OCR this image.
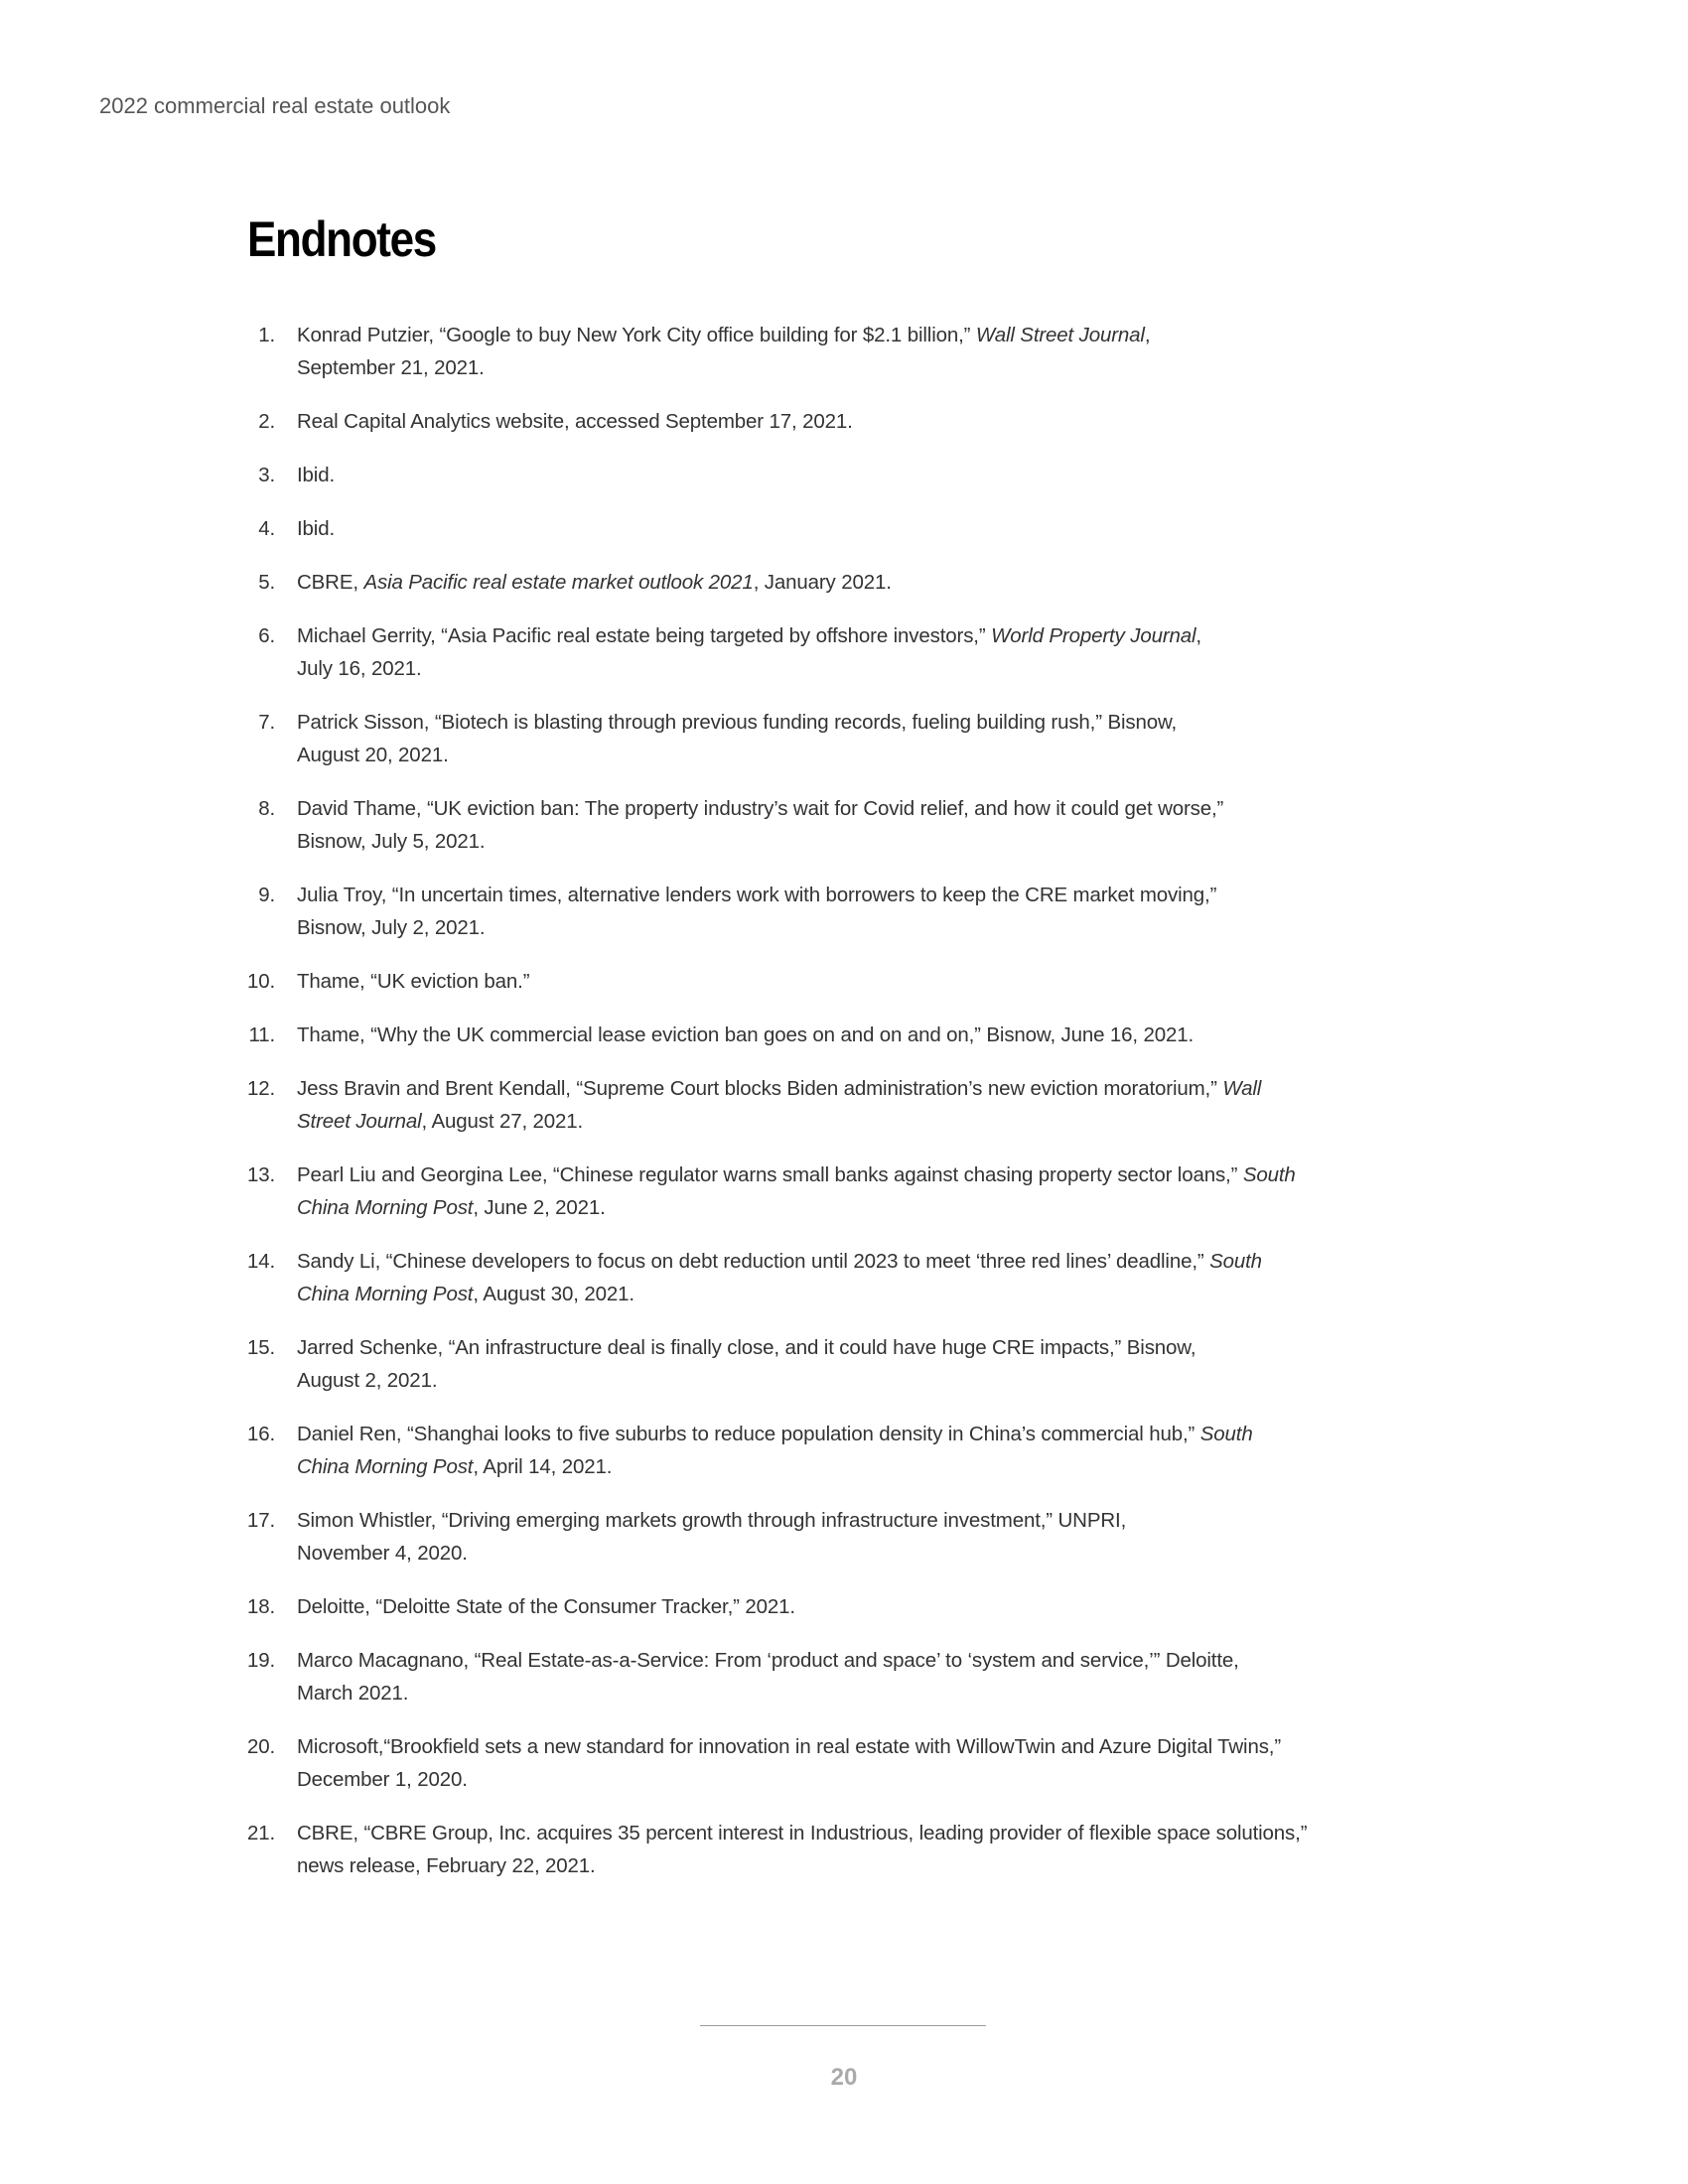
2022 commercial real estate outlook
Endnotes
1. Konrad Putzier, “Google to buy New York City office building for $2.1 billion,” Wall Street Journal,
September 21, 2021.
2. Real Capital Analytics website, accessed September 17, 2021.
3. Ibid.
4. Ibid.
5. CBRE, Asia Pacific real estate market outlook 2021, January 2021.
6. Michael Gerrity, “Asia Pacific real estate being targeted by offshore investors,” World Property Journal,
July 16, 2021.
7. Patrick Sisson, “Biotech is blasting through previous funding records, fueling building rush,” Bisnow,
August 20, 2021.
8. David Thame, “UK eviction ban: The property industry’s wait for Covid relief, and how it could get worse,”
Bisnow, July 5, 2021.
9. Julia Troy, “In uncertain times, alternative lenders work with borrowers to keep the CRE market moving,”
Bisnow, July 2, 2021.
10. Thame, “UK eviction ban.”
11. Thame, “Why the UK commercial lease eviction ban goes on and on and on,” Bisnow, June 16, 2021.
12. Jess Bravin and Brent Kendall, “Supreme Court blocks Biden administration’s new eviction moratorium,” Wall
Street Journal, August 27, 2021.
13. Pearl Liu and Georgina Lee, “Chinese regulator warns small banks against chasing property sector loans,” South
China Morning Post, June 2, 2021.
14. Sandy Li, “Chinese developers to focus on debt reduction until 2023 to meet ‘three red lines’ deadline,” South
China Morning Post, August 30, 2021.
15. Jarred Schenke, “An infrastructure deal is finally close, and it could have huge CRE impacts,” Bisnow,
August 2, 2021.
16. Daniel Ren, “Shanghai looks to five suburbs to reduce population density in China’s commercial hub,” South
China Morning Post, April 14, 2021.
17. Simon Whistler, “Driving emerging markets growth through infrastructure investment,” UNPRI,
November 4, 2020.
18. Deloitte, “Deloitte State of the Consumer Tracker,” 2021.
19. Marco Macagnano, “Real Estate-as-a-Service: From ‘product and space’ to ‘system and service,’” Deloitte,
March 2021.
20. Microsoft,“Brookfield sets a new standard for innovation in real estate with WillowTwin and Azure Digital Twins,”
December 1, 2020.
21. CBRE, “CBRE Group, Inc. acquires 35 percent interest in Industrious, leading provider of flexible space solutions,”
news release, February 22, 2021.
20
